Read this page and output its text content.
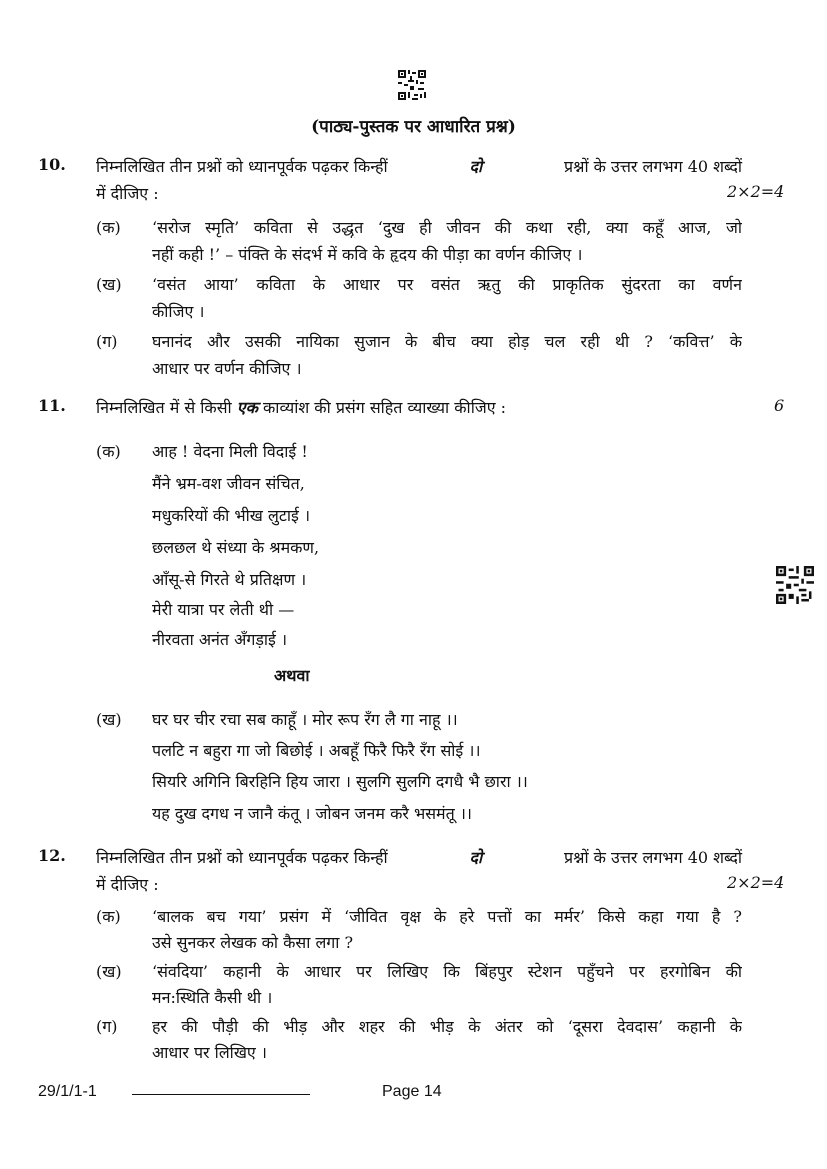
(पाठ्य-पुस्तक पर आधारित प्रश्न)
10. निम्नलिखित तीन प्रश्नों को ध्यानपूर्वक पढ़कर किन्हीं	दो	प्रश्नों के उत्तर लगभग 40 शब्दों
में दीजिए :	2×2=4
(क) ‘सरोज स्मृति’ कविता से उद्धृत ‘दुख ही जीवन की कथा रही, क्या कहूँ आज, जो
नहीं कही !’ – पंक्ति के संदर्भ में कवि के हृदय की पीड़ा का वर्णन कीजिए ।
(ख) ‘वसंत आया’ कविता के आधार पर वसंत ऋतु की प्राकृतिक सुंदरता का वर्णन
कीजिए ।
(ग) घनानंद और उसकी नायिका सुजान के बीच क्या होड़ चल रही थी ? ‘कवित्त’ के
आधार पर वर्णन कीजिए ।
11. निम्नलिखित में से किसी एक काव्यांश की प्रसंग सहित व्याख्या कीजिए :	6
(क) आह ! वेदना मिली विदाई !
मैंने भ्रम-वश जीवन संचित,
मधुकरियों की भीख लुटाई ।
छलछल थे संध्या के श्रमकण,
आँसू-से गिरते थे प्रतिक्षण ।
मेरी यात्रा पर लेती थी —
नीरवता अनंत अँगड़ाई ।
अथवा
(ख) घर घर चीर रचा सब काहूँ । मोर रूप रँग लै गा नाहू ।।
पलटि न बहुरा गा जो बिछोई । अबहूँ फिरै फिरै रँग सोई ।।
सियरि अगिनि बिरहिनि हिय जारा । सुलगि सुलगि दगधै भै छारा ।।
यह दुख दगध न जानै कंतू । जोबन जनम करै भसमंतू ।।
12. निम्नलिखित तीन प्रश्नों को ध्यानपूर्वक पढ़कर किन्हीं	दो	प्रश्नों के उत्तर लगभग 40 शब्दों
में दीजिए :	2×2=4
(क) ‘बालक बच गया’ प्रसंग में ‘जीवित वृक्ष के हरे पत्तों का मर्मर’ किसे कहा गया है ?
उसे सुनकर लेखक को कैसा लगा ?
(ख) ‘संवदिया’ कहानी के आधार पर लिखिए कि बिंहपुर स्टेशन पहुँचने पर हरगोबिन की
मन:स्थिति कैसी थी ।
(ग) हर की पौड़ी की भीड़ और शहर की भीड़ के अंतर को ‘दूसरा देवदास’ कहानी के
आधार पर लिखिए ।
29/1/1-1	Page 14
